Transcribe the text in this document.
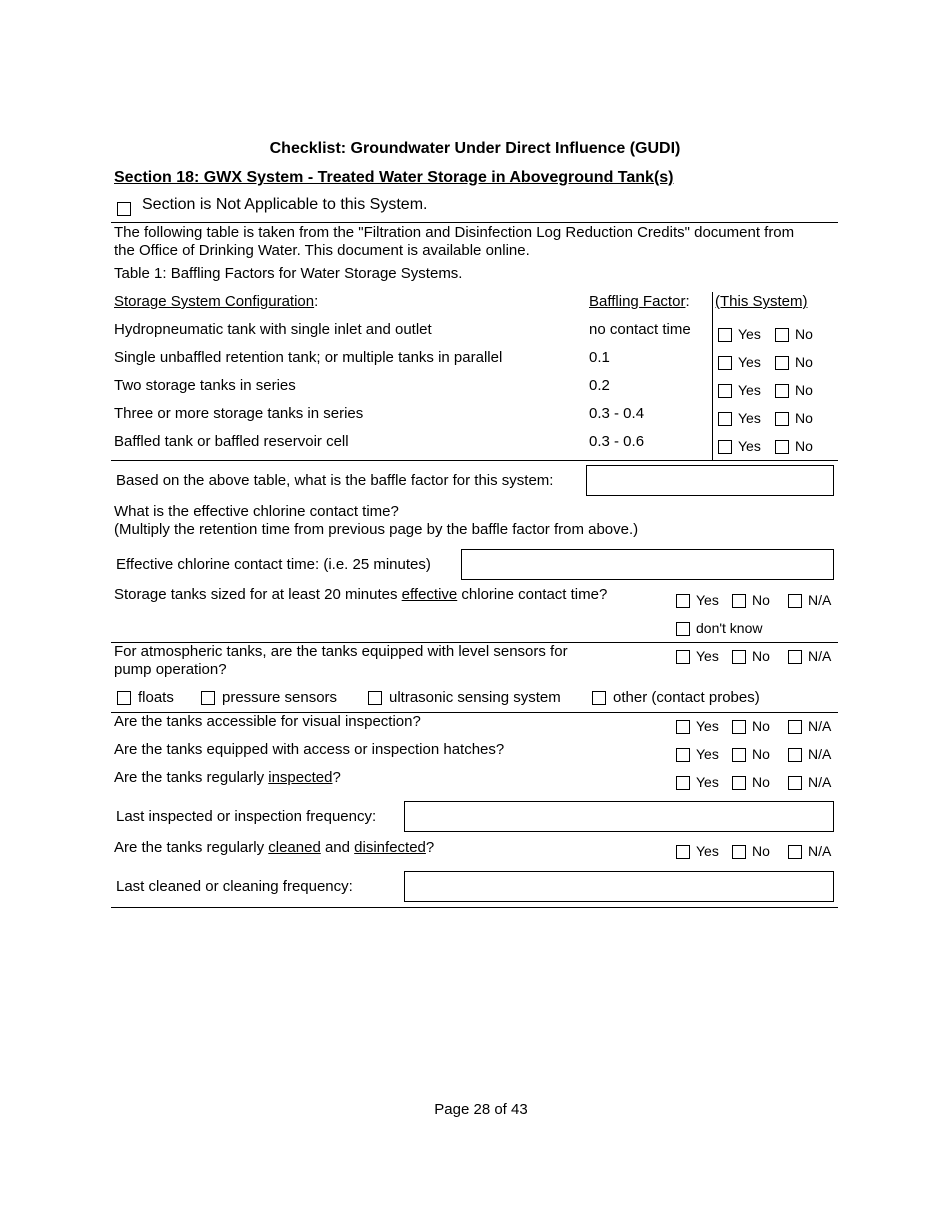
Checklist: Groundwater Under Direct Influence (GUDI)
Section 18: GWX System - Treated Water Storage in Aboveground Tank(s)
Section is Not Applicable to this System.
The following table is taken from the "Filtration and Disinfection Log Reduction Credits" document from
the Office of Drinking Water. This document is available online.
Table 1: Baffling Factors for Water Storage Systems.
Storage System Configuration:	Baffling Factor: (This System)
Hydropneumatic tank with single inlet and outlet	no contact time	Yes No
Single unbaffled retention tank; or multiple tanks in parallel	0.1	Yes No
Two storage tanks in series	0.2	Yes No
Three or more storage tanks in series	0.3 - 0.4	Yes No
Baffled tank or baffled reservoir cell	0.3 - 0.6	Yes No
Based on the above table, what is the baffle factor for this system:
What is the effective chlorine contact time?
(Multiply the retention time from previous page by the baffle factor from above.)
Effective chlorine contact time: (i.e. 25 minutes)
Storage tanks sized for at least 20 minutes effective chlorine contact time?	Yes No	N/A
don't know
For atmospheric tanks, are the tanks equipped with level sensors for
pump operation?
Yes No	N/A
floats	pressure sensors	ultrasonic sensing system	other (contact probes)
Are the tanks accessible for visual inspection?	Yes No	N/A
Are the tanks equipped with access or inspection hatches?	Yes No	N/A
Are the tanks regularly inspected?	Yes No	N/A
Last inspected or inspection frequency:
Are the tanks regularly cleaned and disinfected?	Yes No	N/A
Last cleaned or cleaning frequency:
Page 28 of 43
